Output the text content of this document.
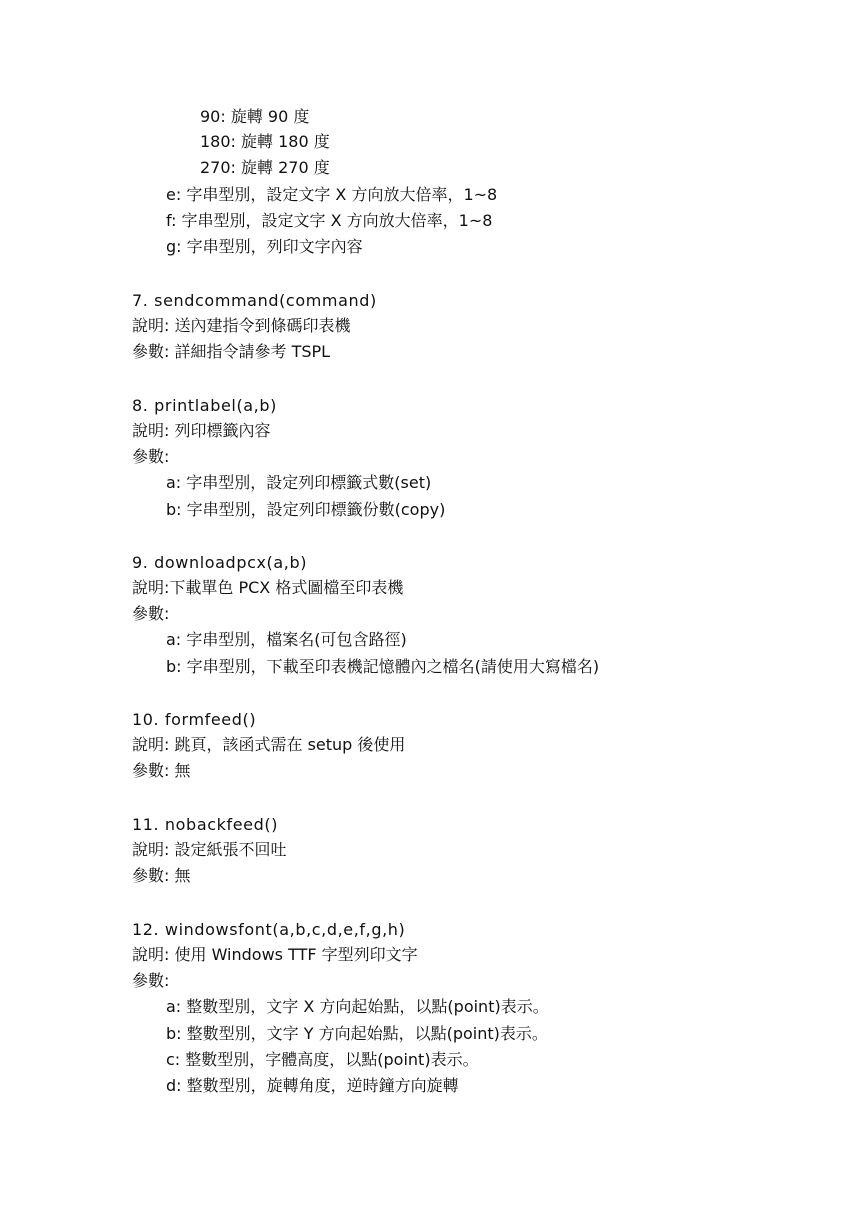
90: 旋轉 90 度

180: 旋轉 180 度

270: 旋轉 270 度

e: 字串型別，設定文字 X 方向放大倍率，1~8

f: 字串型別，設定文字 X 方向放大倍率，1~8

g: 字串型別，列印文字內容

7. sendcommand(command)

說明: 送內建指令到條碼印表機

參數: 詳細指令請參考 TSPL

8. printlabel(a,b)

說明: 列印標籤內容

參數:

a: 字串型別，設定列印標籤式數(set)

b: 字串型別，設定列印標籤份數(copy)

9. downloadpcx(a,b)

說明:下載單色 PCX 格式圖檔至印表機

參數:

a: 字串型別，檔案名(可包含路徑)

b: 字串型別，下載至印表機記憶體內之檔名(請使用大寫檔名)

10. formfeed()

說明: 跳頁，該函式需在 setup 後使用

參數: 無

11. nobackfeed()

說明: 設定紙張不回吐

參數: 無

12. windowsfont(a,b,c,d,e,f,g,h)

說明: 使用 Windows TTF 字型列印文字

參數:

a: 整數型別，文字 X 方向起始點，以點(point)表示。

b: 整數型別，文字 Y 方向起始點，以點(point)表示。

c: 整數型別，字體高度，以點(point)表示。

d: 整數型別，旋轉角度，逆時鐘方向旋轉
